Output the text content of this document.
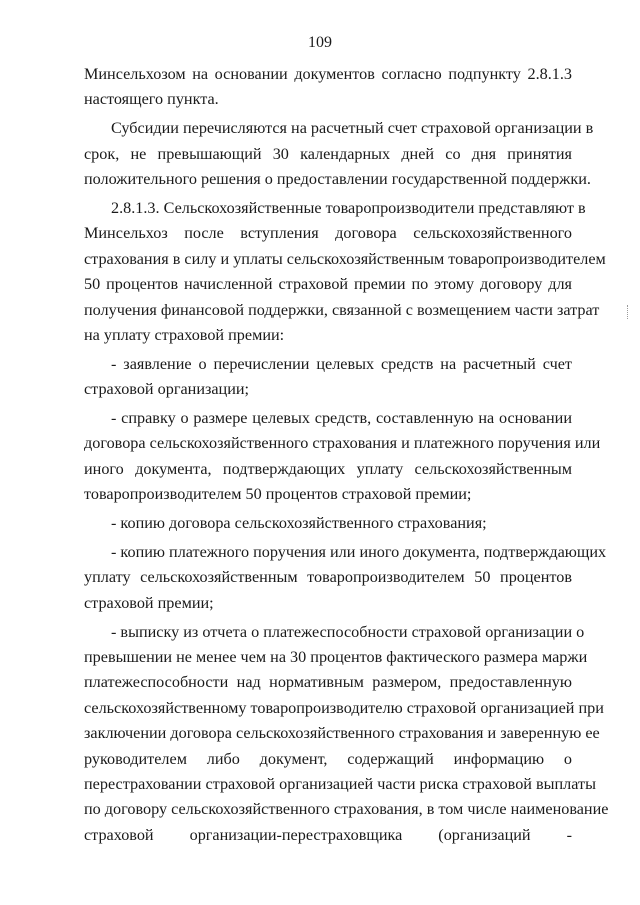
109
Минсельхозом на основании документов согласно подпункту 2.8.1.3
настоящего пункта.
Субсидии перечисляются на расчетный счет страховой организации в
срок, не превышающий 30 календарных дней со дня принятия
положительного решения о предоставлении государственной поддержки.
2.8.1.3. Сельскохозяйственные товаропроизводители представляют в
Минсельхоз после вступления договора сельскохозяйственного
страхования в силу и уплаты сельскохозяйственным товаропроизводителем
50 процентов начисленной страховой премии по этому договору для
получения финансовой поддержки, связанной с возмещением части затрат
на уплату страховой премии:
- заявление о перечислении целевых средств на расчетный счет
страховой организации;
- справку о размере целевых средств, составленную на основании
договора сельскохозяйственного страхования и платежного поручения или
иного документа, подтверждающих уплату сельскохозяйственным
товаропроизводителем 50 процентов страховой премии;
- копию договора сельскохозяйственного страхования;
- копию платежного поручения или иного документа, подтверждающих
уплату сельскохозяйственным товаропроизводителем 50 процентов
страховой премии;
- выписку из отчета о платежеспособности страховой организации о
превышении не менее чем на 30 процентов фактического размера маржи
платежеспособности над нормативным размером, предоставленную
сельскохозяйственному товаропроизводителю страховой организацией при
заключении договора сельскохозяйственного страхования и заверенную ее
руководителем либо документ, содержащий информацию о
перестраховании страховой организацией части риска страховой выплаты
по договору сельскохозяйственного страхования, в том числе наименование
страховой организации-перестраховщика (организаций -
